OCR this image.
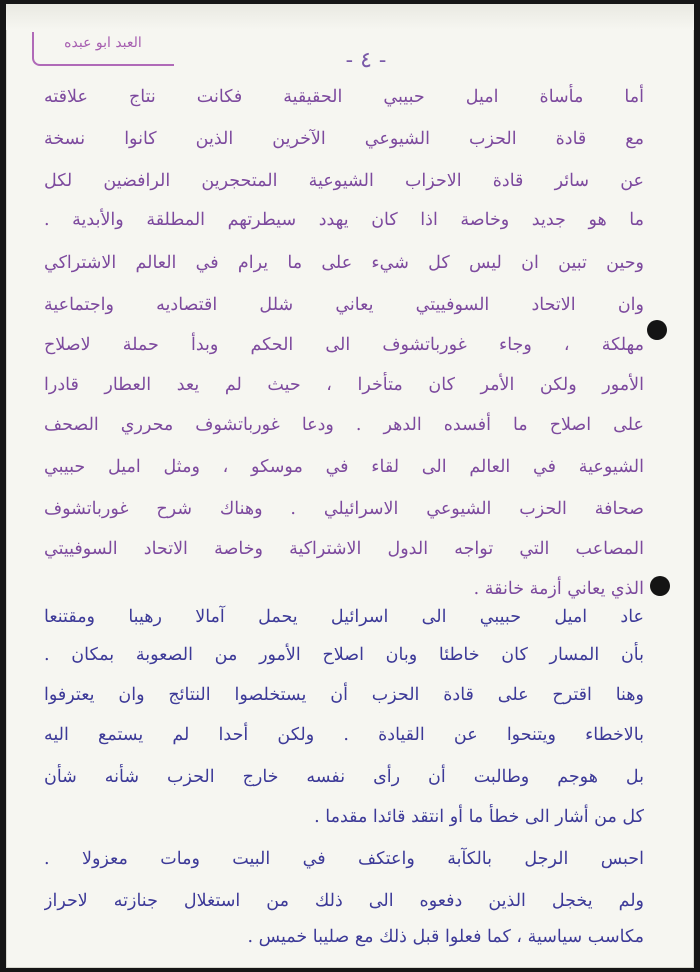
العبد ابو عبده
- ٤ -
أما مأساة اميل حبيبي الحقيقية فكانت نتاج علاقته
مع قادة الحزب الشيوعي الآخرين الذين كانوا نسخة
عن سائر قادة الاحزاب الشيوعية المتحجرين الرافضين لكل
ما هو جديد وخاصة اذا كان يهدد سيطرتهم المطلقة والأبدية .
وحين تبين ان ليس كل شيء على ما يرام في العالم الاشتراكي
وان الاتحاد السوفييتي يعاني شلل اقتصاديه واجتماعية
مهلكة ، وجاء غورباتشوف الى الحكم وبدأ حملة لاصلاح
الأمور ولكن الأمر كان متأخرا ، حيث لم يعد العطار قادرا
على اصلاح ما أفسده الدهر . ودعا غورباتشوف محرري الصحف
الشيوعية في العالم الى لقاء في موسكو ، ومثل اميل حبيبي
صحافة الحزب الشيوعي الاسرائيلي . وهناك شرح غورباتشوف
المصاعب التي تواجه الدول الاشتراكية وخاصة الاتحاد السوفييتي
الذي يعاني أزمة خانقة .
عاد اميل حبيبي الى اسرائيل يحمل آمالا رهيبا ومقتنعا
بأن المسار كان خاطئا وبان اصلاح الأمور من الصعوبة بمكان .
وهنا اقترح على قادة الحزب أن يستخلصوا النتائج وان يعترفوا
بالاخطاء ويتنحوا عن القيادة . ولكن أحدا لم يستمع اليه
بل هوجم وطالبت أن رأى نفسه خارج الحزب شأنه شأن
كل من أشار الى خطأ ما أو انتقد قائدا مقدما .
احبس الرجل بالكآبة واعتكف في البيت ومات معزولا .
ولم يخجل الذين دفعوه الى ذلك من استغلال جنازته لاحراز
مكاسب سياسية ، كما فعلوا قبل ذلك مع صليبا خميس .
